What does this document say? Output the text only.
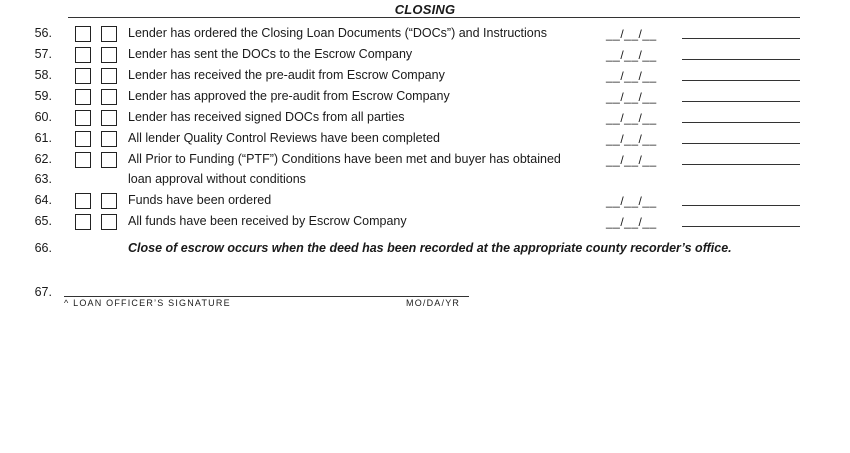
CLOSING
56.	Lender has ordered the Closing Loan Documents (“DOCs”) and Instructions	__/__/__
57.	Lender has sent the DOCs to the Escrow Company	__/__/__
58.	Lender has received the pre-audit from Escrow Company	__/__/__
59.	Lender has approved the pre-audit from Escrow Company	__/__/__
60.	Lender has received signed DOCs from all parties	__/__/__
61.	All lender Quality Control Reviews have been completed	__/__/__
62.	All Prior to Funding (“PTF”) Conditions have been met and buyer has obtained	__/__/__
63.	loan approval without conditions
64.	Funds have been ordered	__/__/__
65.	All funds have been received by Escrow Company	__/__/__
66.	Close of escrow occurs when the deed has been recorded at the appropriate county recorder’s office.
67.
^ LOAN OFFICER’S SIGNATURE	MO/DA/YR
